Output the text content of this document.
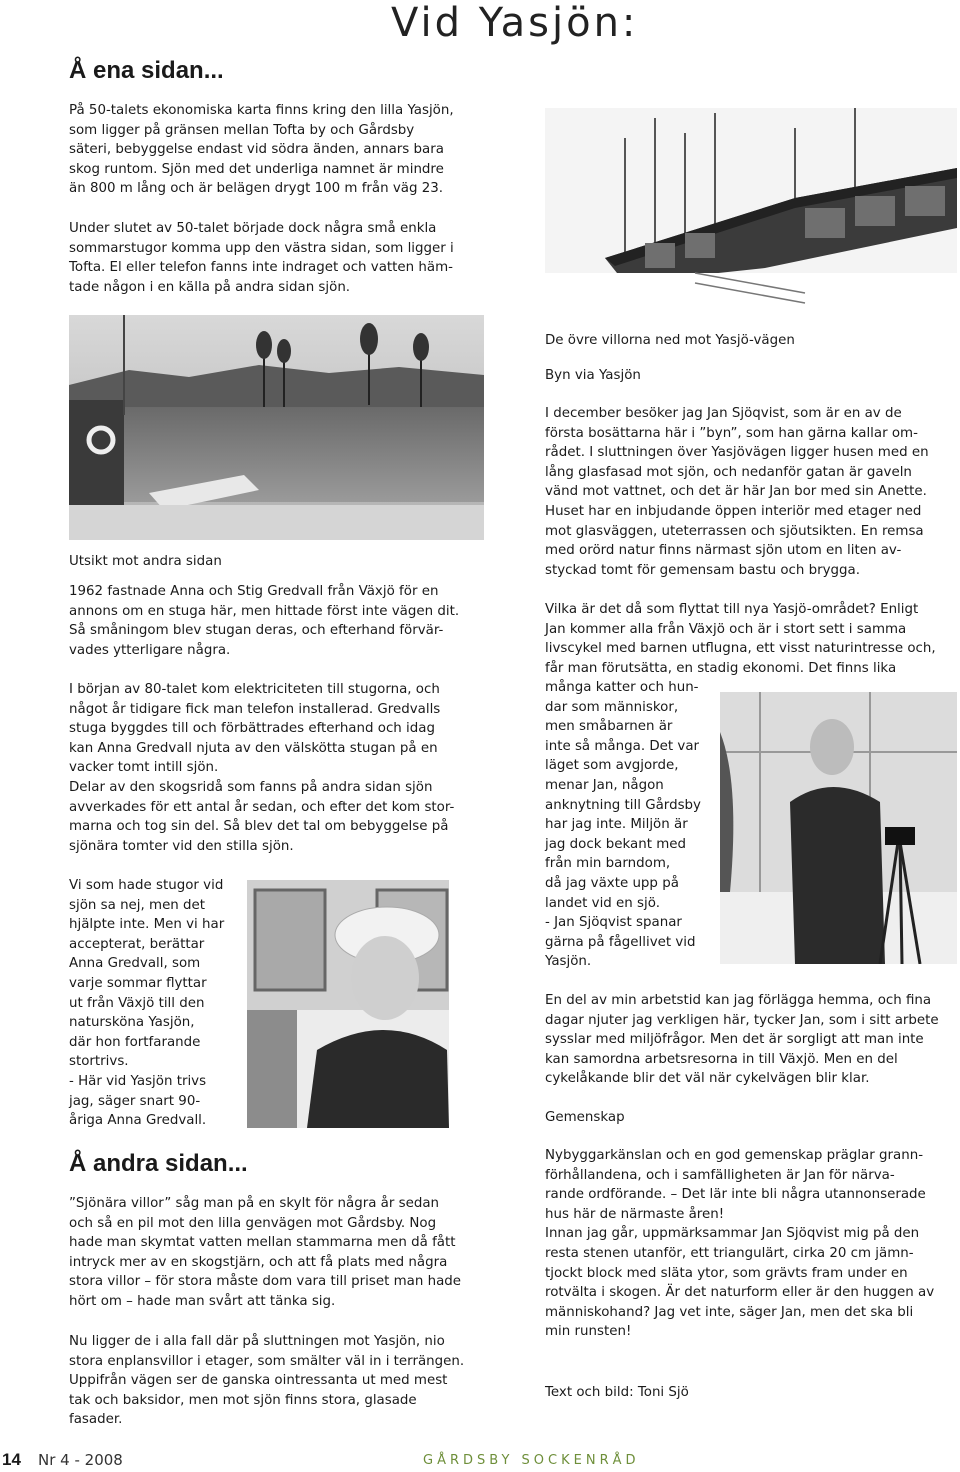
Vid Yasjön:
Å ena sidan...
På 50-talets ekonomiska karta finns kring den lilla Yasjön,
som ligger på gränsen mellan Tofta by och Gårdsby
säteri, bebyggelse endast vid södra änden, annars bara
skog runtom. Sjön med det underliga namnet är mindre
än 800 m lång och är belägen drygt 100 m från väg 23.
Under slutet av 50-talet började dock några små enkla
sommarstugor komma upp den västra sidan, som ligger i
Tofta. El eller telefon fanns inte indraget och vatten häm-
tade någon i en källa på andra sidan sjön.
Utsikt mot andra sidan
1962 fastnade Anna och Stig Gredvall från Växjö för en
annons om en stuga här, men hittade först inte vägen dit.
Så småningom blev stugan deras, och efterhand förvär-
vades ytterligare några.
I början av 80-talet kom elektriciteten till stugorna, och
något år tidigare fick man telefon installerad. Gredvalls
stuga byggdes till och förbättrades efterhand och idag
kan Anna Gredvall njuta av den välskötta stugan på en
vacker tomt intill sjön.
Delar av den skogsridå som fanns på andra sidan sjön
avverkades för ett antal år sedan, och efter det kom stor-
marna och tog sin del. Så blev det tal om bebyggelse på
sjönära tomter vid den stilla sjön.
Vi som hade stugor vid
sjön sa nej, men det
hjälpte inte. Men vi har
accepterat, berättar
Anna Gredvall, som
varje sommar flyttar
ut från Växjö till den
natursköna Yasjön,
där hon fortfarande
stortrivs.
- Här vid Yasjön trivs
jag, säger snart 90-
åriga Anna Gredvall.
Å andra sidan...
”Sjönära villor” såg man på en skylt för några år sedan
och så en pil mot den lilla genvägen mot Gårdsby. Nog
hade man skymtat vatten mellan stammarna men då fått
intryck mer av en skogstjärn, och att få plats med några
stora villor – för stora måste dom vara till priset man hade
hört om – hade man svårt att tänka sig.
Nu ligger de i alla fall där på sluttningen mot Yasjön, nio
stora enplansvillor i etager, som smälter väl in i terrängen.
Uppifrån vägen ser de ganska ointressanta ut med mest
tak och baksidor, men mot sjön finns stora, glasade
fasader.
De övre villorna ned mot Yasjö-vägen
Byn via Yasjön
I december besöker jag Jan Sjöqvist, som är en av de
första bosättarna här i ”byn”, som han gärna kallar om-
rådet. I sluttningen över Yasjövägen ligger husen med en
lång glasfasad mot sjön, och nedanför gatan är gaveln
vänd mot vattnet, och det är här Jan bor med sin Anette.
Huset har en inbjudande öppen interiör med etager ned
mot glasväggen, uteterrassen och sjöutsikten. En remsa
med orörd natur finns närmast sjön utom en liten av-
styckad tomt för gemensam bastu och brygga.
Vilka är det då som flyttat till nya Yasjö-området? Enligt
Jan kommer alla från Växjö och är i stort sett i samma
livscykel med barnen utflugna, ett visst naturintresse och,
får man förutsätta, en stadig ekonomi. Det finns lika
många katter och hun-
dar som människor,
men småbarnen är
inte så många. Det var
läget som avgjorde,
menar Jan, någon
anknytning till Gårdsby
har jag inte. Miljön är
jag dock bekant med
från min barndom,
då jag växte upp på
landet vid en sjö.
- Jan Sjöqvist spanar
gärna på fågellivet vid
Yasjön.
En del av min arbetstid kan jag förlägga hemma, och fina
dagar njuter jag verkligen här, tycker Jan, som i sitt arbete
sysslar med miljöfrågor. Men det är sorgligt att man inte
kan samordna arbetsresorna in till Växjö. Men en del
cykelåkande blir det väl när cykelvägen blir klar.
Gemenskap
Nybyggarkänslan och en god gemenskap präglar grann-
förhållandena, och i samfälligheten är Jan för närva-
rande ordförande. – Det lär inte bli några utannonserade
hus här de närmaste åren!
Innan jag går, uppmärksammar Jan Sjöqvist mig på den
resta stenen utanför, ett triangulärt, cirka 20 cm jämn-
tjockt block med släta ytor, som grävts fram under en
rotvälta i skogen. Är det naturform eller är den huggen av
människohand? Jag vet inte, säger Jan, men det ska bli
min runsten!
Text och bild: Toni Sjö
14 Nr 4 - 2008	GÅRDSBY SOCKENRÅD
